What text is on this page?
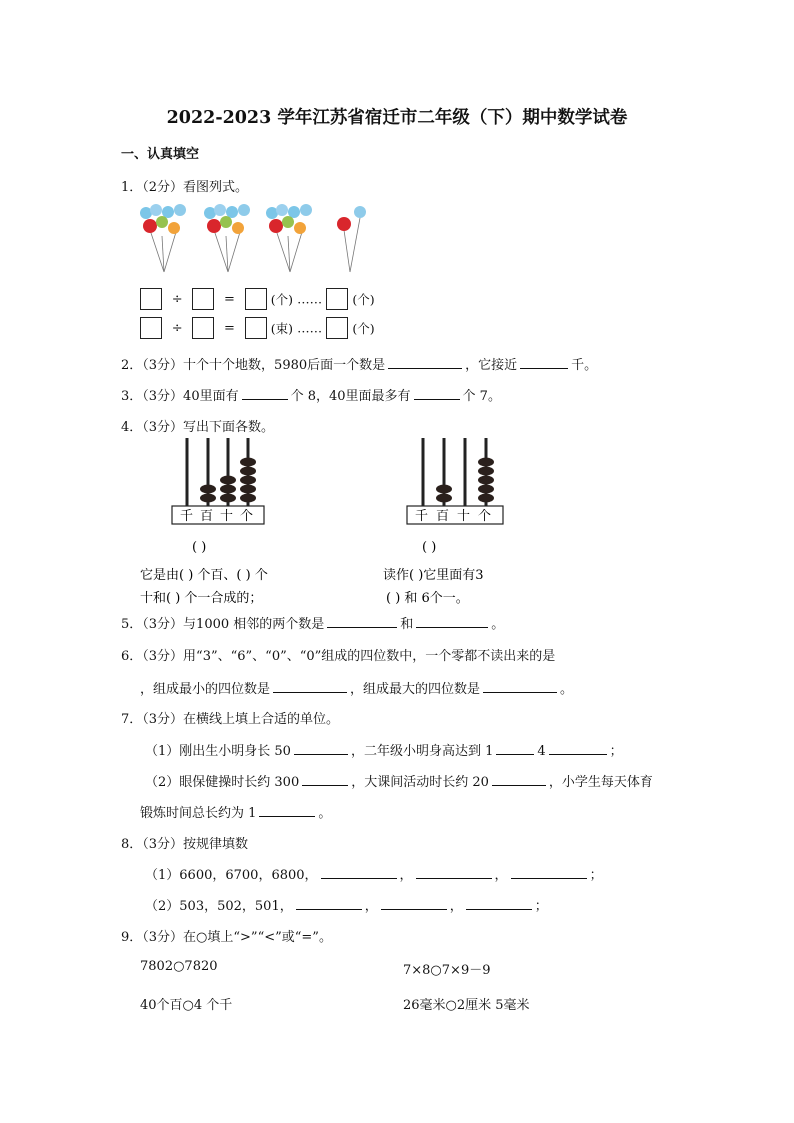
2022-2023 学年江苏省宿迁市二年级（下）期中数学试卷
一、认真填空
1．（2分）看图列式。
÷	=	(个) …… (个)
÷	=	(束) …… (个)
2．（3分）十个十个地数，5980后面一个数是	，它接近	千。
3．（3分）40里面有	个 8，40里面最多有	个 7。
4．（3分）写出下面各数。
千 百 十 个	千 百 十 个
( )	( )
它是由( ) 个百、( ) 个
十和( ) 个一合成的；
读作( )它里面有3
( ) 和 6个一。
5．（3分）与1000 相邻的两个数是	和	。
6．（3分）用“3”、“6”、“0”、“0”组成的四位数中，一个零都不读出来的是
，组成最小的四位数是	，组成最大的四位数是	。
7．（3分）在横线上填上合适的单位。
（1）刚出生小明身长 50	，二年级小明身高达到 1	4	；
（2）眼保健操时长约 300	，大课间活动时长约 20	，小学生每天体育
锻炼时间总长约为 1	。
8．（3分）按规律填数
（1）6600，6700，6800，	，	，	；
（2）503，502，501，	，	，	；
9．（3分）在○填上“>”“<”或“=”。
7802○7820	7×8○7×9－9
40个百○4 个千	26毫米○2厘米 5毫米
